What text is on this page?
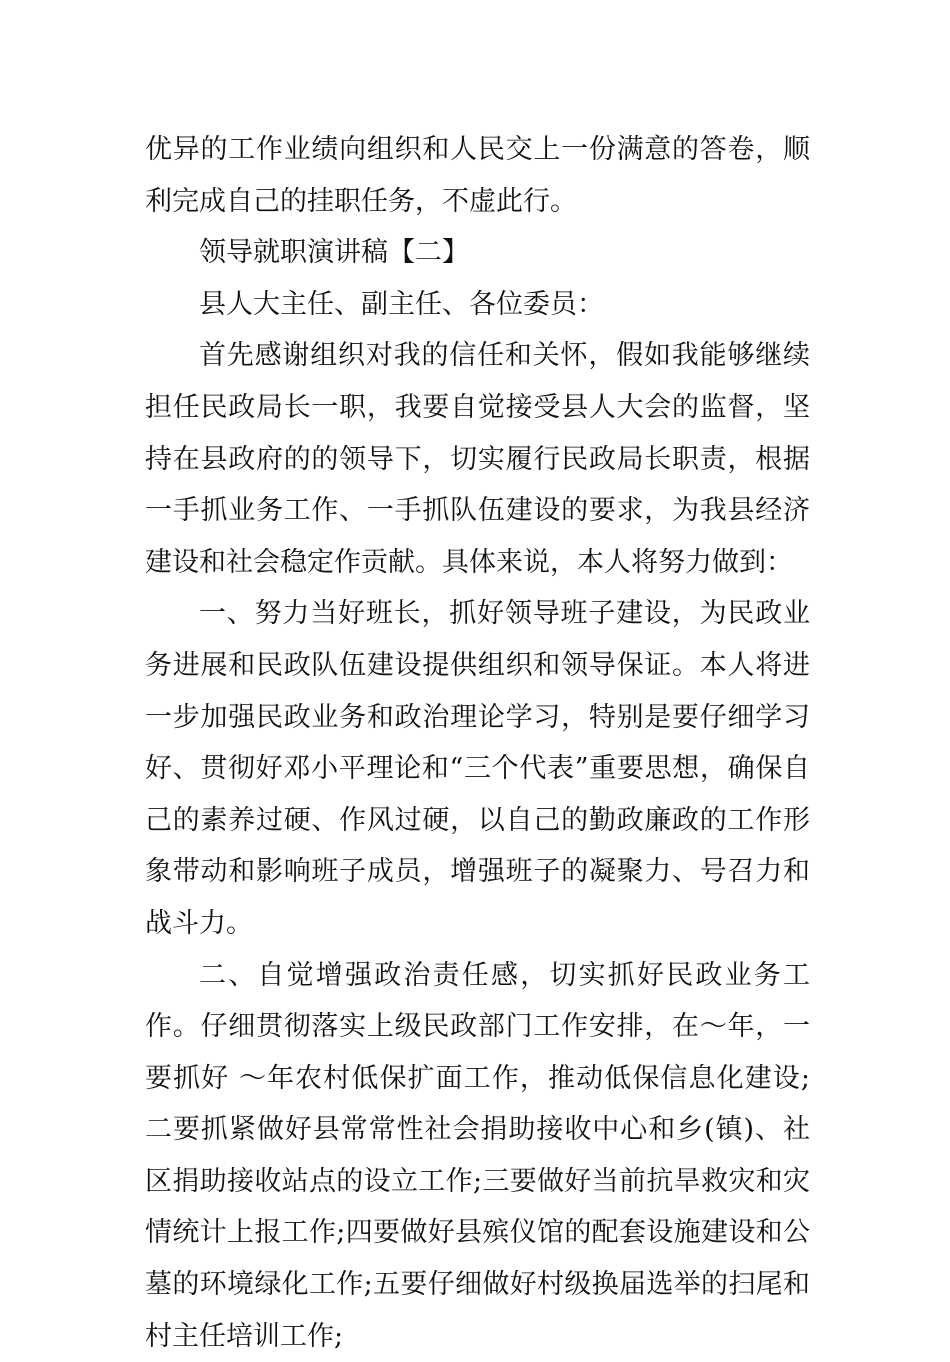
优异的工作业绩向组织和人民交上一份满意的答卷，顺利完成自己的挂职任务，不虚此行。

领导就职演讲稿【二】

县人大主任、副主任、各位委员：

首先感谢组织对我的信任和关怀，假如我能够继续担任民政局长一职，我要自觉接受县人大会的监督，坚持在县政府的的领导下，切实履行民政局长职责，根据一手抓业务工作、一手抓队伍建设的要求，为我县经济建设和社会稳定作贡献。具体来说，本人将努力做到：

一、努力当好班长，抓好领导班子建设，为民政业务进展和民政队伍建设提供组织和领导保证。本人将进一步加强民政业务和政治理论学习，特别是要仔细学习好、贯彻好邓小平理论和“三个代表”重要思想，确保自己的素养过硬、作风过硬，以自己的勤政廉政的工作形象带动和影响班子成员，增强班子的凝聚力、号召力和战斗力。

二、自觉增强政治责任感，切实抓好民政业务工作。仔细贯彻落实上级民政部门工作安排，在～年，一要抓好 ～年农村低保扩面工作，推动低保信息化建设;二要抓紧做好县常常性社会捐助接收中心和乡(镇)、社区捐助接收站点的设立工作;三要做好当前抗旱救灾和灾情统计上报工作;四要做好县殡仪馆的配套设施建设和公墓的环境绿化工作;五要仔细做好村级换届选举的扫尾和村主任培训工作;
